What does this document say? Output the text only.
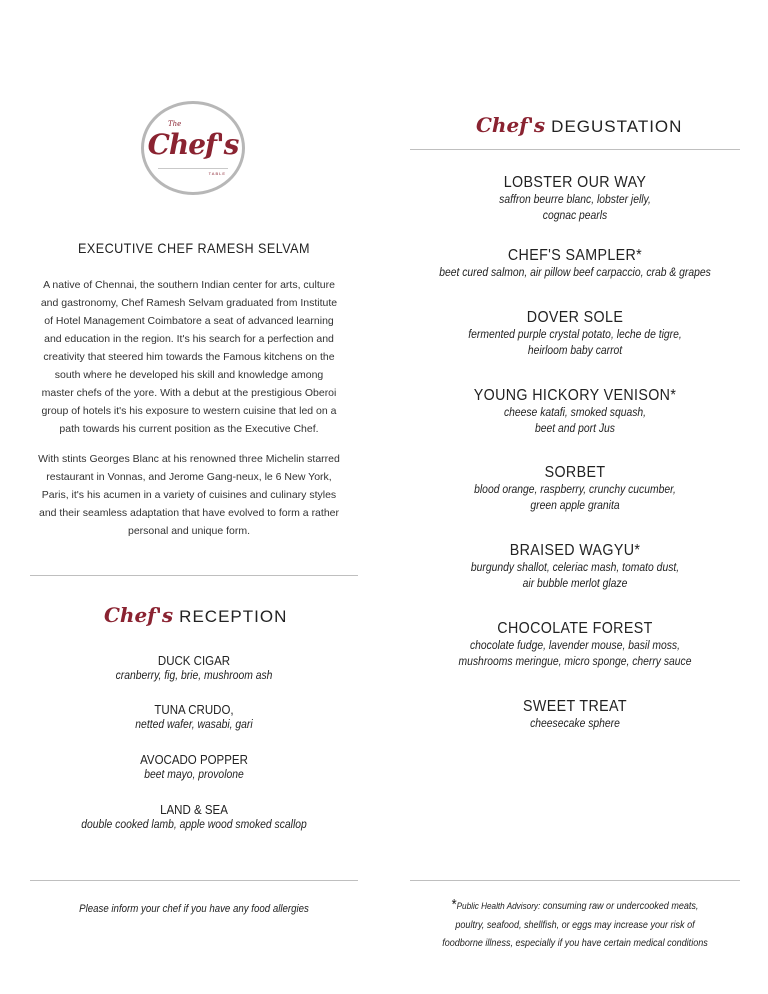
The
Chef's
TABLE
EXECUTIVE CHEF RAMESH SELVAM
A native of Chennai, the southern Indian center for arts, culture and gastronomy, Chef Ramesh Selvam graduated from Institute of Hotel Management Coimbatore a seat of advanced learning and education in the region. It's his search for a perfection and creativity that steered him towards the Famous kitchens on the south where he developed his skill and knowledge among master chefs of the yore. With a debut at the prestigious Oberoi group of hotels it's his exposure to western cuisine that led on a path towards his current position as the Executive Chef.
With stints Georges Blanc at his renowned three Michelin starred restaurant in Vonnas, and Jerome Gang-neux, le 6 New York, Paris, it's his acumen in a variety of cuisines and culinary styles and their seamless adaptation that have evolved to form a rather personal and unique form.
Chef's RECEPTION
DUCK CIGAR
cranberry, fig, brie, mushroom ash
TUNA CRUDO,
netted wafer, wasabi, gari
AVOCADO POPPER
beet mayo, provolone
LAND & SEA
double cooked lamb, apple wood smoked scallop
Please inform your chef if you have any food allergies
Chef's DEGUSTATION
LOBSTER OUR WAY
saffron beurre blanc, lobster jelly,
cognac pearls
CHEF'S SAMPLER*
beet cured salmon, air pillow beef carpaccio, crab & grapes
DOVER SOLE
fermented purple crystal potato, leche de tigre,
heirloom baby carrot
YOUNG HICKORY VENISON*
cheese katafi, smoked squash,
beet and port Jus
SORBET
blood orange, raspberry, crunchy cucumber,
green apple granita
BRAISED WAGYU*
burgundy shallot, celeriac mash, tomato dust,
air bubble merlot glaze
CHOCOLATE FOREST
chocolate fudge, lavender mouse, basil moss,
mushrooms meringue, micro sponge, cherry sauce
SWEET TREAT
cheesecake sphere
*Public Health Advisory: consuming raw or undercooked meats,
poultry, seafood, shellfish, or eggs may increase your risk of
foodborne illness, especially if you have certain medical conditions
